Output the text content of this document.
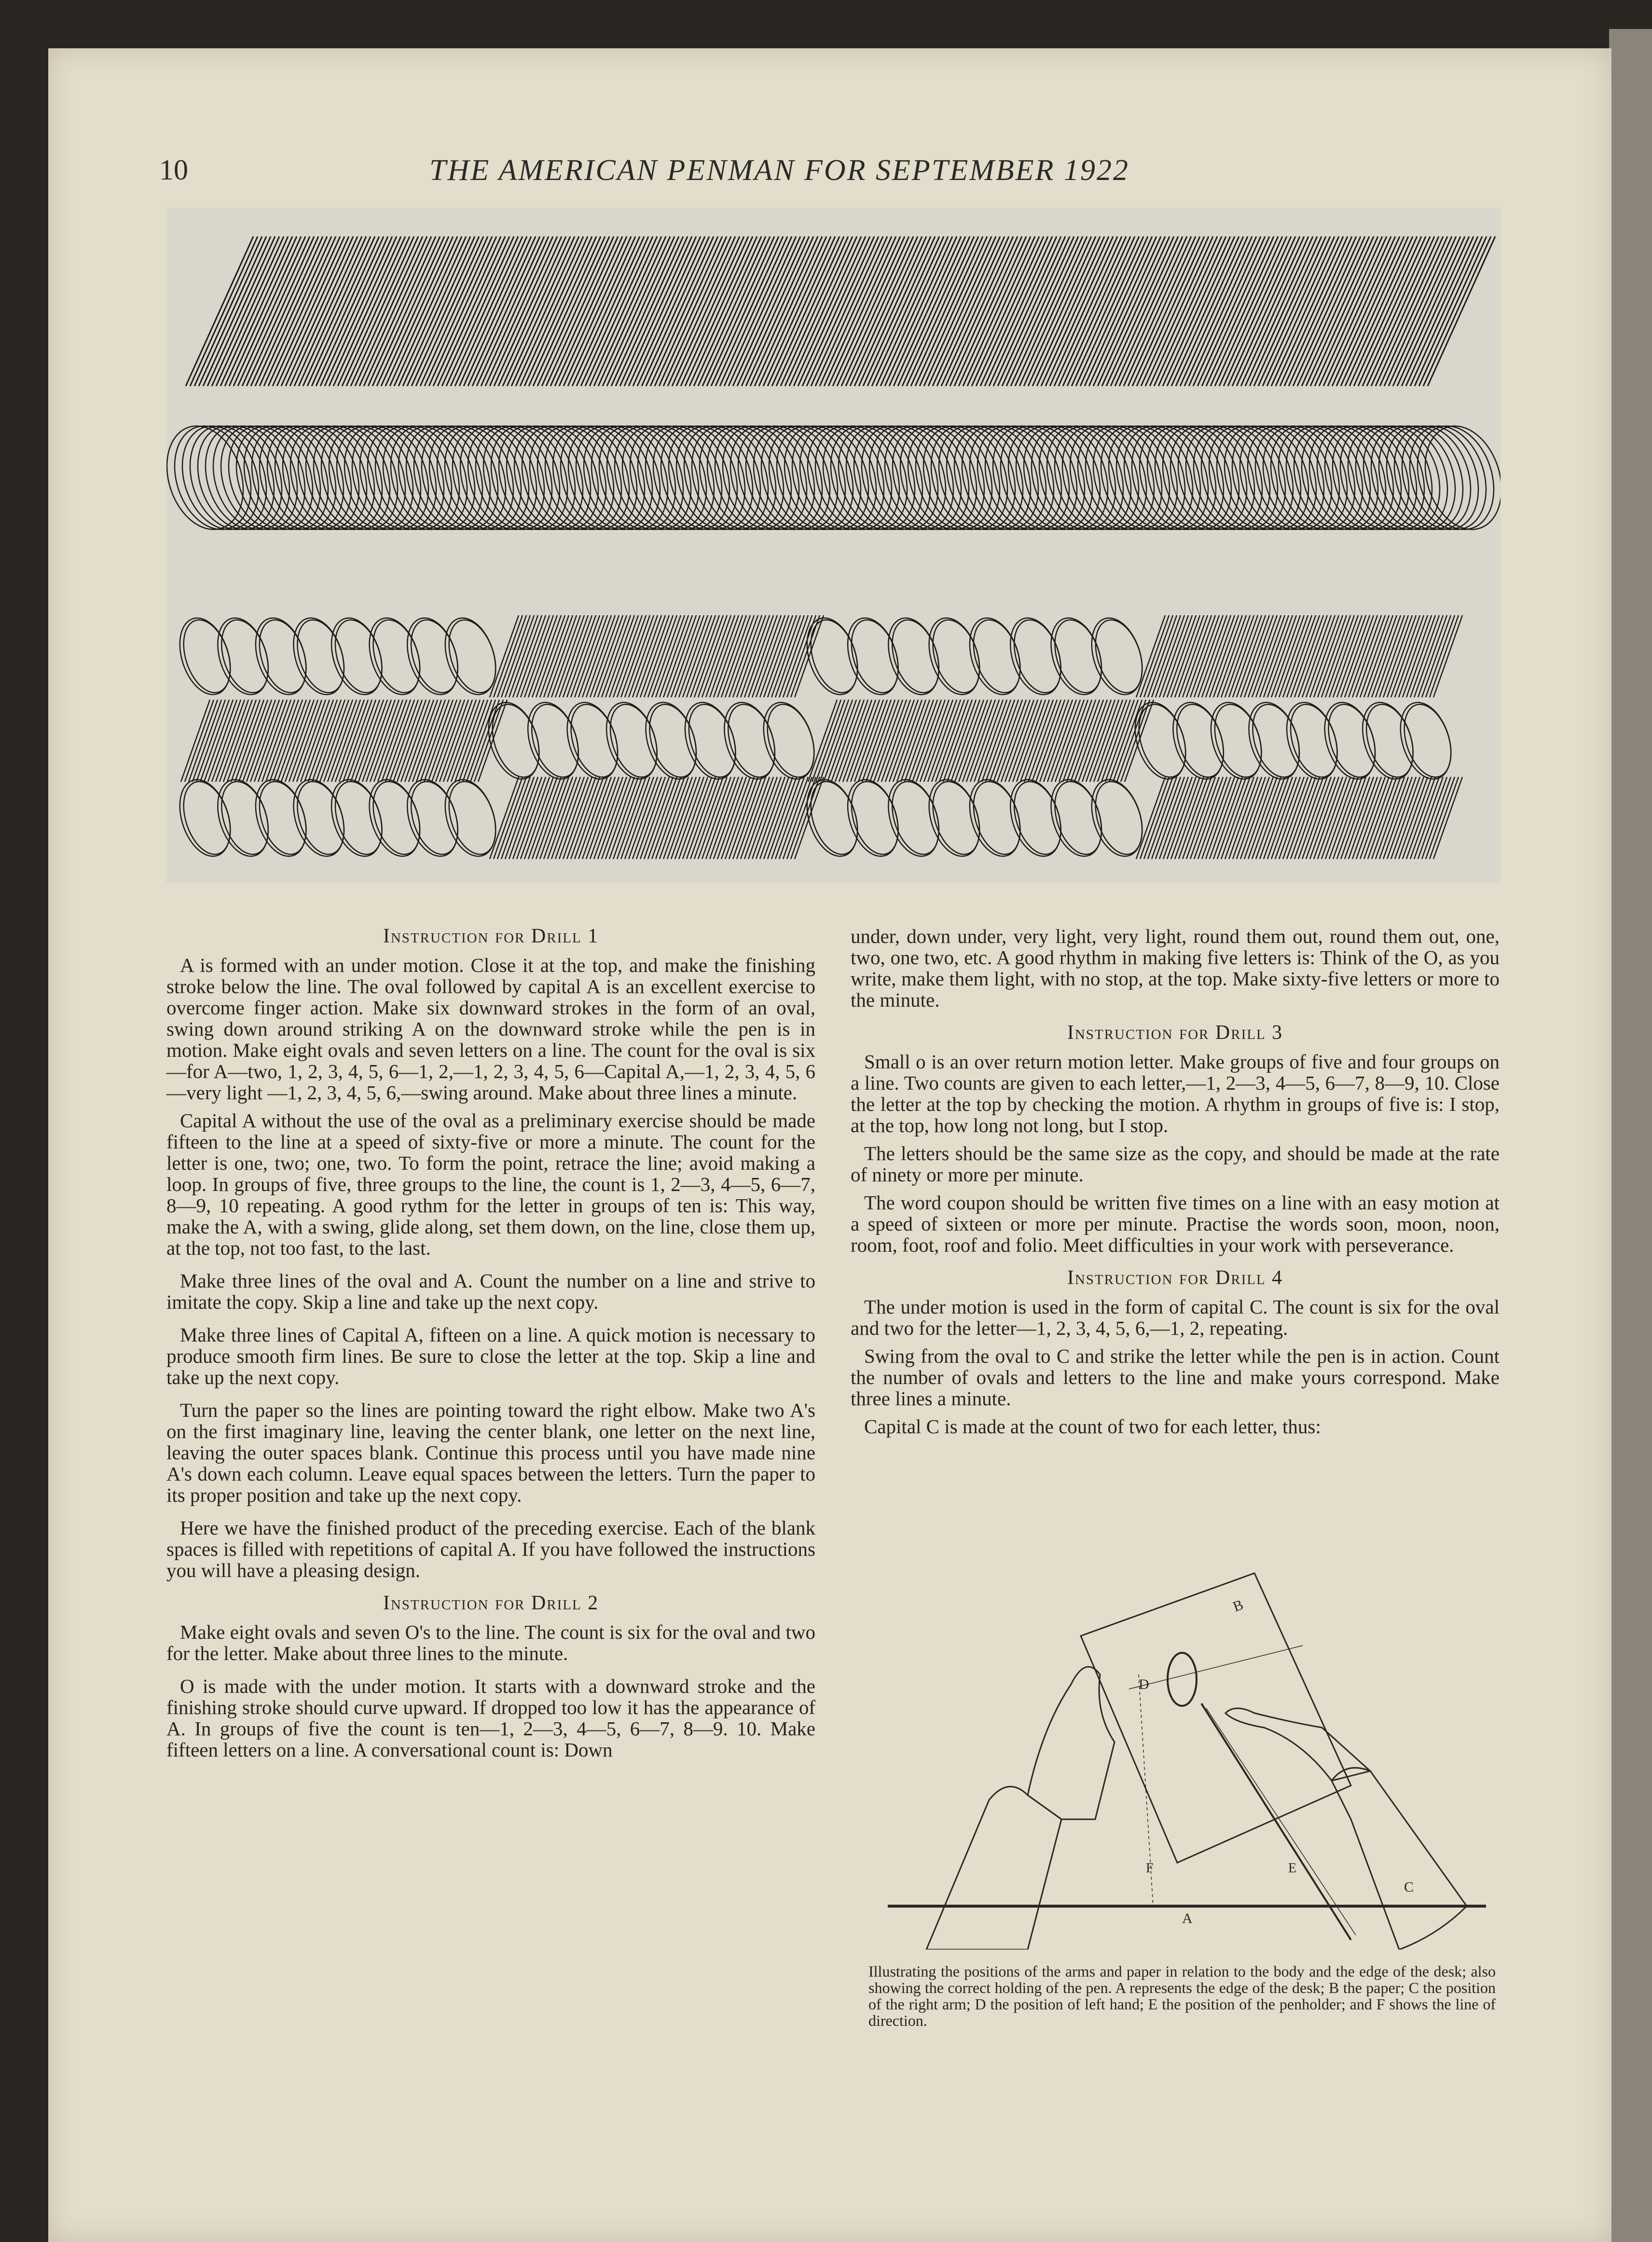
10	THE AMERICAN PENMAN FOR SEPTEMBER 1922
Instruction for Drill 1

A is formed with an under motion. Close it at the top, and make the finishing stroke below the line. The oval followed by capital A is an excellent exercise to overcome finger action. Make six downward strokes in the form of an oval, swing down around striking A on the downward stroke while the pen is in motion. Make eight ovals and seven letters on a line. The count for the oval is six—for A—two, 1, 2, 3, 4, 5, 6—1, 2,—1, 2, 3, 4, 5, 6—Capital A,—1, 2, 3, 4, 5, 6—very light —1, 2, 3, 4, 5, 6,—swing around. Make about three lines a minute.

Capital A without the use of the oval as a preliminary exercise should be made fifteen to the line at a speed of sixty-five or more a minute. The count for the letter is one, two; one, two. To form the point, retrace the line; avoid making a loop. In groups of five, three groups to the line, the count is 1, 2—3, 4—5, 6—7, 8—9, 10 repeating. A good rythm for the letter in groups of ten is: This way, make the A, with a swing, glide along, set them down, on the line, close them up, at the top, not too fast, to the last.

Make three lines of the oval and A. Count the number on a line and strive to imitate the copy. Skip a line and take up the next copy.

Make three lines of Capital A, fifteen on a line. A quick motion is necessary to produce smooth firm lines. Be sure to close the letter at the top. Skip a line and take up the next copy.

Turn the paper so the lines are pointing toward the right elbow. Make two A's on the first imaginary line, leaving the center blank, one letter on the next line, leaving the outer spaces blank. Continue this process until you have made nine A's down each column. Leave equal spaces between the letters. Turn the paper to its proper position and take up the next copy.

Here we have the finished product of the preceding exercise. Each of the blank spaces is filled with repetitions of capital A. If you have followed the instructions you will have a pleasing design.

Instruction for Drill 2

Make eight ovals and seven O's to the line. The count is six for the oval and two for the letter. Make about three lines to the minute.

O is made with the under motion. It starts with a downward stroke and the finishing stroke should curve upward. If dropped too low it has the appearance of A. In groups of five the count is ten—1, 2—3, 4—5, 6—7, 8—9. 10. Make fifteen letters on a line. A conversational count is: Down

under, down under, very light, very light, round them out, round them out, one, two, one two, etc. A good rhythm in making five letters is: Think of the O, as you write, make them light, with no stop, at the top. Make sixty-five letters or more to the minute.

Instruction for Drill 3

Small o is an over return motion letter. Make groups of five and four groups on a line. Two counts are given to each letter,—1, 2—3, 4—5, 6—7, 8—9, 10. Close the letter at the top by checking the motion. A rhythm in groups of five is: I stop, at the top, how long not long, but I stop.

The letters should be the same size as the copy, and should be made at the rate of ninety or more per minute.

The word coupon should be written five times on a line with an easy motion at a speed of sixteen or more per minute. Practise the words soon, moon, noon, room, foot, roof and folio. Meet difficulties in your work with perseverance.

Instruction for Drill 4

The under motion is used in the form of capital C. The count is six for the oval and two for the letter—1, 2, 3, 4, 5, 6,—1, 2, repeating.

Swing from the oval to C and strike the letter while the pen is in action. Count the number of ovals and letters to the line and make yours correspond. Make three lines a minute.

Capital C is made at the count of two for each letter, thus:

B
D
F	E
A
C
Illustrating the positions of the arms and paper in relation to the body and the edge of the desk; also showing the correct holding of the pen. A represents the edge of the desk; B the paper; C the position of the right arm; D the position of left hand; E the position of the penholder; and F shows the line of direction.
